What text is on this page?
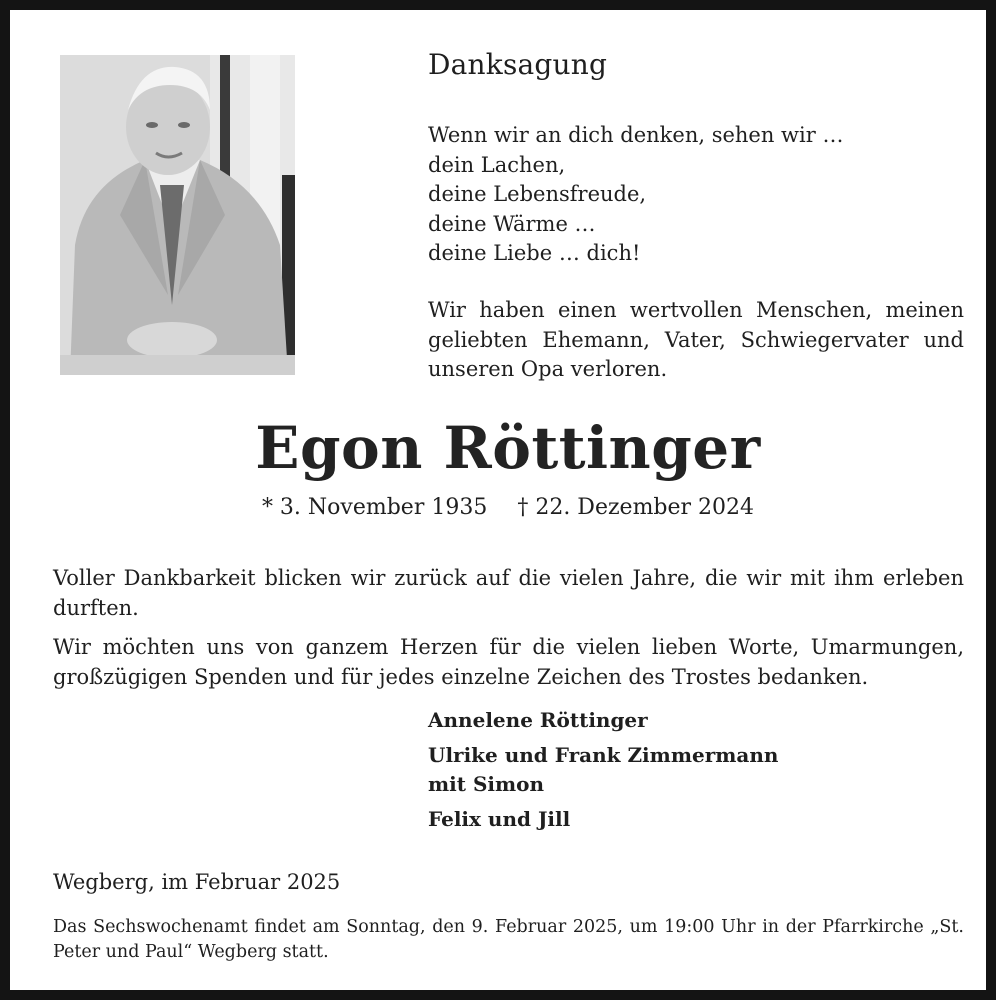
Danksagung
Wenn wir an dich denken, sehen wir …
dein Lachen,
deine Lebensfreude,
deine Wärme …
deine Liebe … dich!
Wir haben einen wertvollen Menschen, meinen geliebten Ehemann, Vater, Schwiegervater und unseren Opa verloren.
Egon Röttinger
* 3. November 1935 † 22. Dezember 2024
Voller Dankbarkeit blicken wir zurück auf die vielen Jahre, die wir mit ihm erleben durften.
Wir möchten uns von ganzem Herzen für die vielen lieben Worte, Umarmungen, großzügigen Spenden und für jedes einzelne Zeichen des Trostes bedanken.
Annelene Röttinger
Ulrike und Frank Zimmermann
mit Simon
Felix und Jill
Wegberg, im Februar 2025
Das Sechswochenamt findet am Sonntag, den 9. Februar 2025, um 19:00 Uhr in der Pfarrkirche „St. Peter und Paul“ Wegberg statt.
